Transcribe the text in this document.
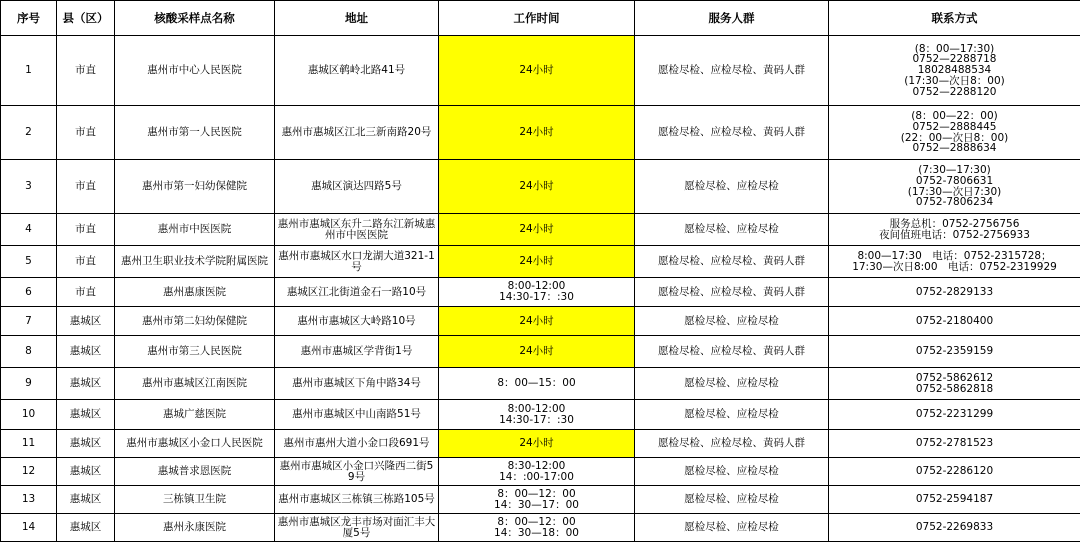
序号	县（区）	核酸采样点名称	地址	工作时间	服务人群	联系方式
1	市直	惠州市中心人民医院	惠城区鹌岭北路41号	24小时	愿检尽检、应检尽检、黄码人群	(8：00—17:30)
0752—2288718
18028488534
(17:30—次日8：00)
0752—2288120

2	市直	惠州市第一人民医院	惠州市惠城区江北三新南路20号	24小时	愿检尽检、应检尽检、黄码人群	(8：00—22：00)
0752—2888445
(22：00—次日8：00)
0752—2888634

3	市直	惠州市第一妇幼保健院	惠城区演达四路5号	24小时	愿检尽检、应检尽检	(7:30—17:30)
0752-7806631
(17:30—次日7:30)
0752-7806234

4	市直	惠州市中医医院	惠州市惠城区东升二路东江新城惠州市中医医院	24小时	愿检尽检、应检尽检	服务总机：0752-2756756
夜间值班电话：0752-2756933

5	市直	惠州卫生职业技术学院附属医院	惠州市惠城区水口龙湖大道321-1号	24小时	愿检尽检、应检尽检、黄码人群	8:00—17:30　电话：0752-2315728；
17:30—次日8:00　电话：0752-2319929

6	市直	惠州惠康医院	惠城区江北街道金石一路10号	8:00-12:00
14:30-17：:30	愿检尽检、应检尽检、黄码人群	0752-2829133

7	惠城区	惠州市第二妇幼保健院	惠州市惠城区大岭路10号	24小时	愿检尽检、应检尽检	0752-2180400

8	惠城区	惠州市第三人民医院	惠州市惠城区学背街1号	24小时	愿检尽检、应检尽检、黄码人群	0752-2359159

9	惠城区	惠州市惠城区江南医院	惠州市惠城区下角中路34号	8：00—15：00	愿检尽检、应检尽检	0752-5862612
0752-5862818

10	惠城区	惠城广慈医院	惠州市惠城区中山南路51号	8:00-12:00
14:30-17：:30	愿检尽检、应检尽检	0752-2231299

11	惠城区	惠州市惠城区小金口人民医院	惠州市惠州大道小金口段691号	24小时	愿检尽检、应检尽检、黄码人群	0752-2781523

12	惠城区	惠城普求恩医院	惠州市惠城区小金口兴隆西二街59号	8:30-12:00
14：:00-17:00	愿检尽检、应检尽检	0752-2286120

13	惠城区	三栋镇卫生院	惠州市惠城区三栋镇三栋路105号	8：00—12：00
14：30—17：00	愿检尽检、应检尽检	0752-2594187

14	惠城区	惠州永康医院	惠州市惠城区龙丰市场对面汇丰大厦5号	8：00—12：00
14：30—18：00	愿检尽检、应检尽检	0752-2269833
